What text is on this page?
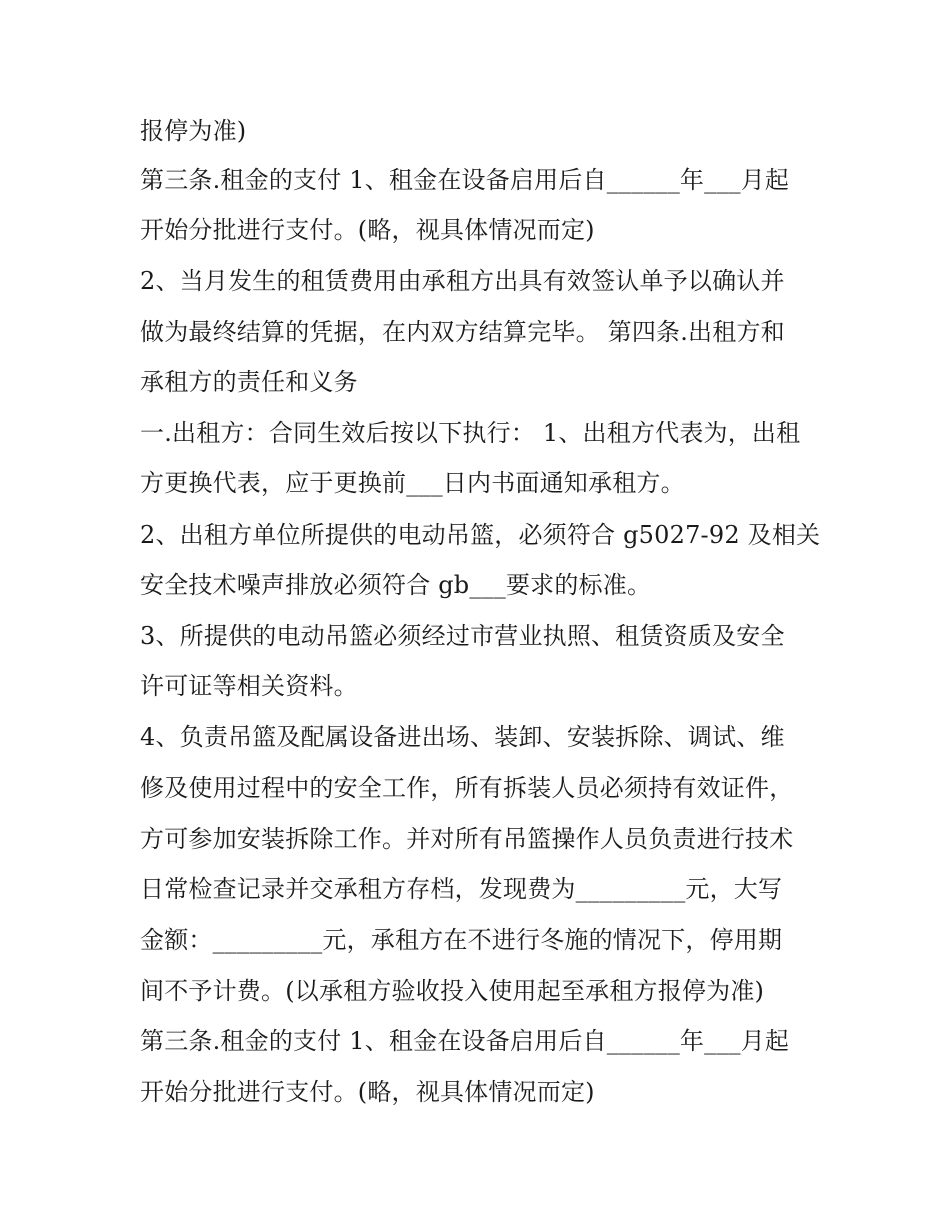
报停为准)
第三条.租金的支付 1、租金在设备启用后自______年___月起
开始分批进行支付。(略，视具体情况而定)
2、当月发生的租赁费用由承租方出具有效签认单予以确认并
做为最终结算的凭据，在内双方结算完毕。 第四条.出租方和
承租方的责任和义务
一.出租方：合同生效后按以下执行： 1、出租方代表为，出租
方更换代表，应于更换前___日内书面通知承租方。
2、出租方单位所提供的电动吊篮，必须符合 g5027-92 及相关
安全技术噪声排放必须符合 gb___要求的标准。
3、所提供的电动吊篮必须经过市营业执照、租赁资质及安全
许可证等相关资料。
4、负责吊篮及配属设备进出场、装卸、安装拆除、调试、维
修及使用过程中的安全工作，所有拆装人员必须持有效证件，
方可参加安装拆除工作。并对所有吊篮操作人员负责进行技术
日常检查记录并交承租方存档，发现费为_________元，大写
金额：_________元，承租方在不进行冬施的情况下，停用期
间不予计费。(以承租方验收投入使用起至承租方报停为准)
第三条.租金的支付 1、租金在设备启用后自______年___月起
开始分批进行支付。(略，视具体情况而定)
